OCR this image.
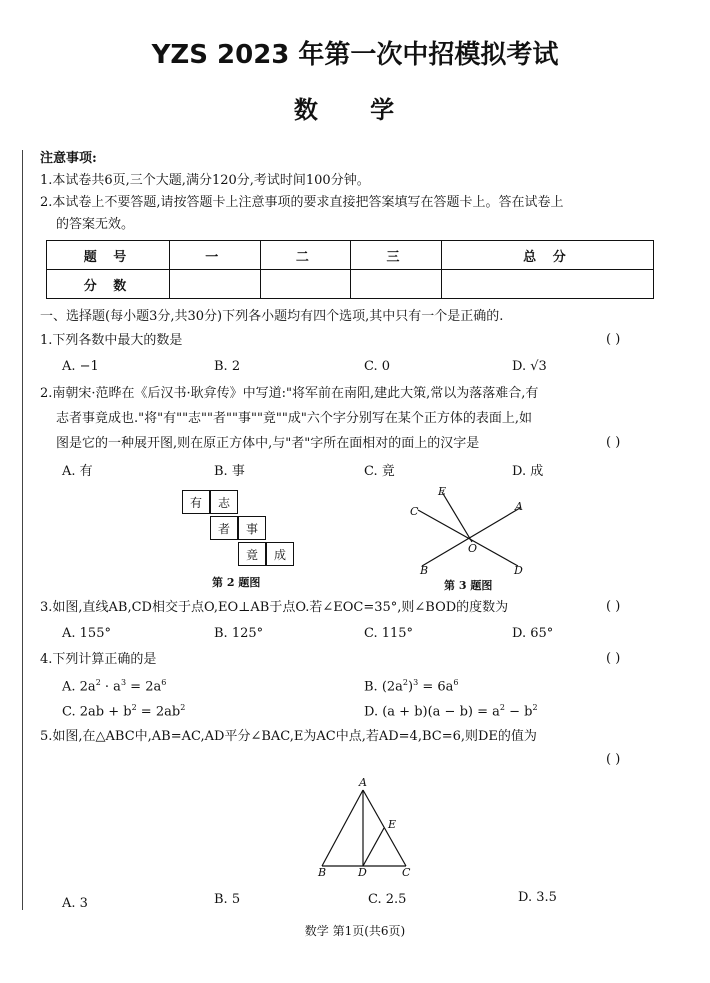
YZS 2023 年第一次中招模拟考试
数 学
注意事项:
1.本试卷共6页,三个大题,满分120分,考试时间100分钟。
2.本试卷上不要答题,请按答题卡上注意事项的要求直接把答案填写在答题卡上。答在试卷上
的答案无效。
题 号	一	二	三	总 分
分 数				
一、选择题(每小题3分,共30分)下列各小题均有四个选项,其中只有一个是正确的.
1.下列各数中最大的数是	( )
A. −1	B. 2	C. 0	D. √3
2.南朝宋·范晔在《后汉书·耿弇传》中写道:"将军前在南阳,建此大策,常以为落落难合,有
志者事竟成也."将"有""志""者""事""竟""成"六个字分别写在某个正方体的表面上,如
图是它的一种展开图,则在原正方体中,与"者"字所在面相对的面上的汉字是	( )
A. 有	B. 事	C. 竟	D. 成
有	志
者	事
竟	成
第 2 题图
E
C	A
O
B	D
第 3 题图
3.如图,直线AB,CD相交于点O,EO⊥AB于点O.若∠EOC=35°,则∠BOD的度数为	( )
A. 155°	B. 125°	C. 115°	D. 65°
4.下列计算正确的是	( )
A. $2a^2 \cdot a^3 = 2a^6$	B. $(2a^2)^3 = 6a^6$
C. $2ab + b^2 = 2ab^2$	D. $(a + b)(a - b) = a^2 - b^2$
5.如图,在△ABC中,AB=AC,AD平分∠BAC,E为AC中点,若AD=4,BC=6,则DE的值为
( )
A
E
B	D	C
A. 3	B. 5	C. 2.5	D. 3.5
数学 第1页(共6页)
